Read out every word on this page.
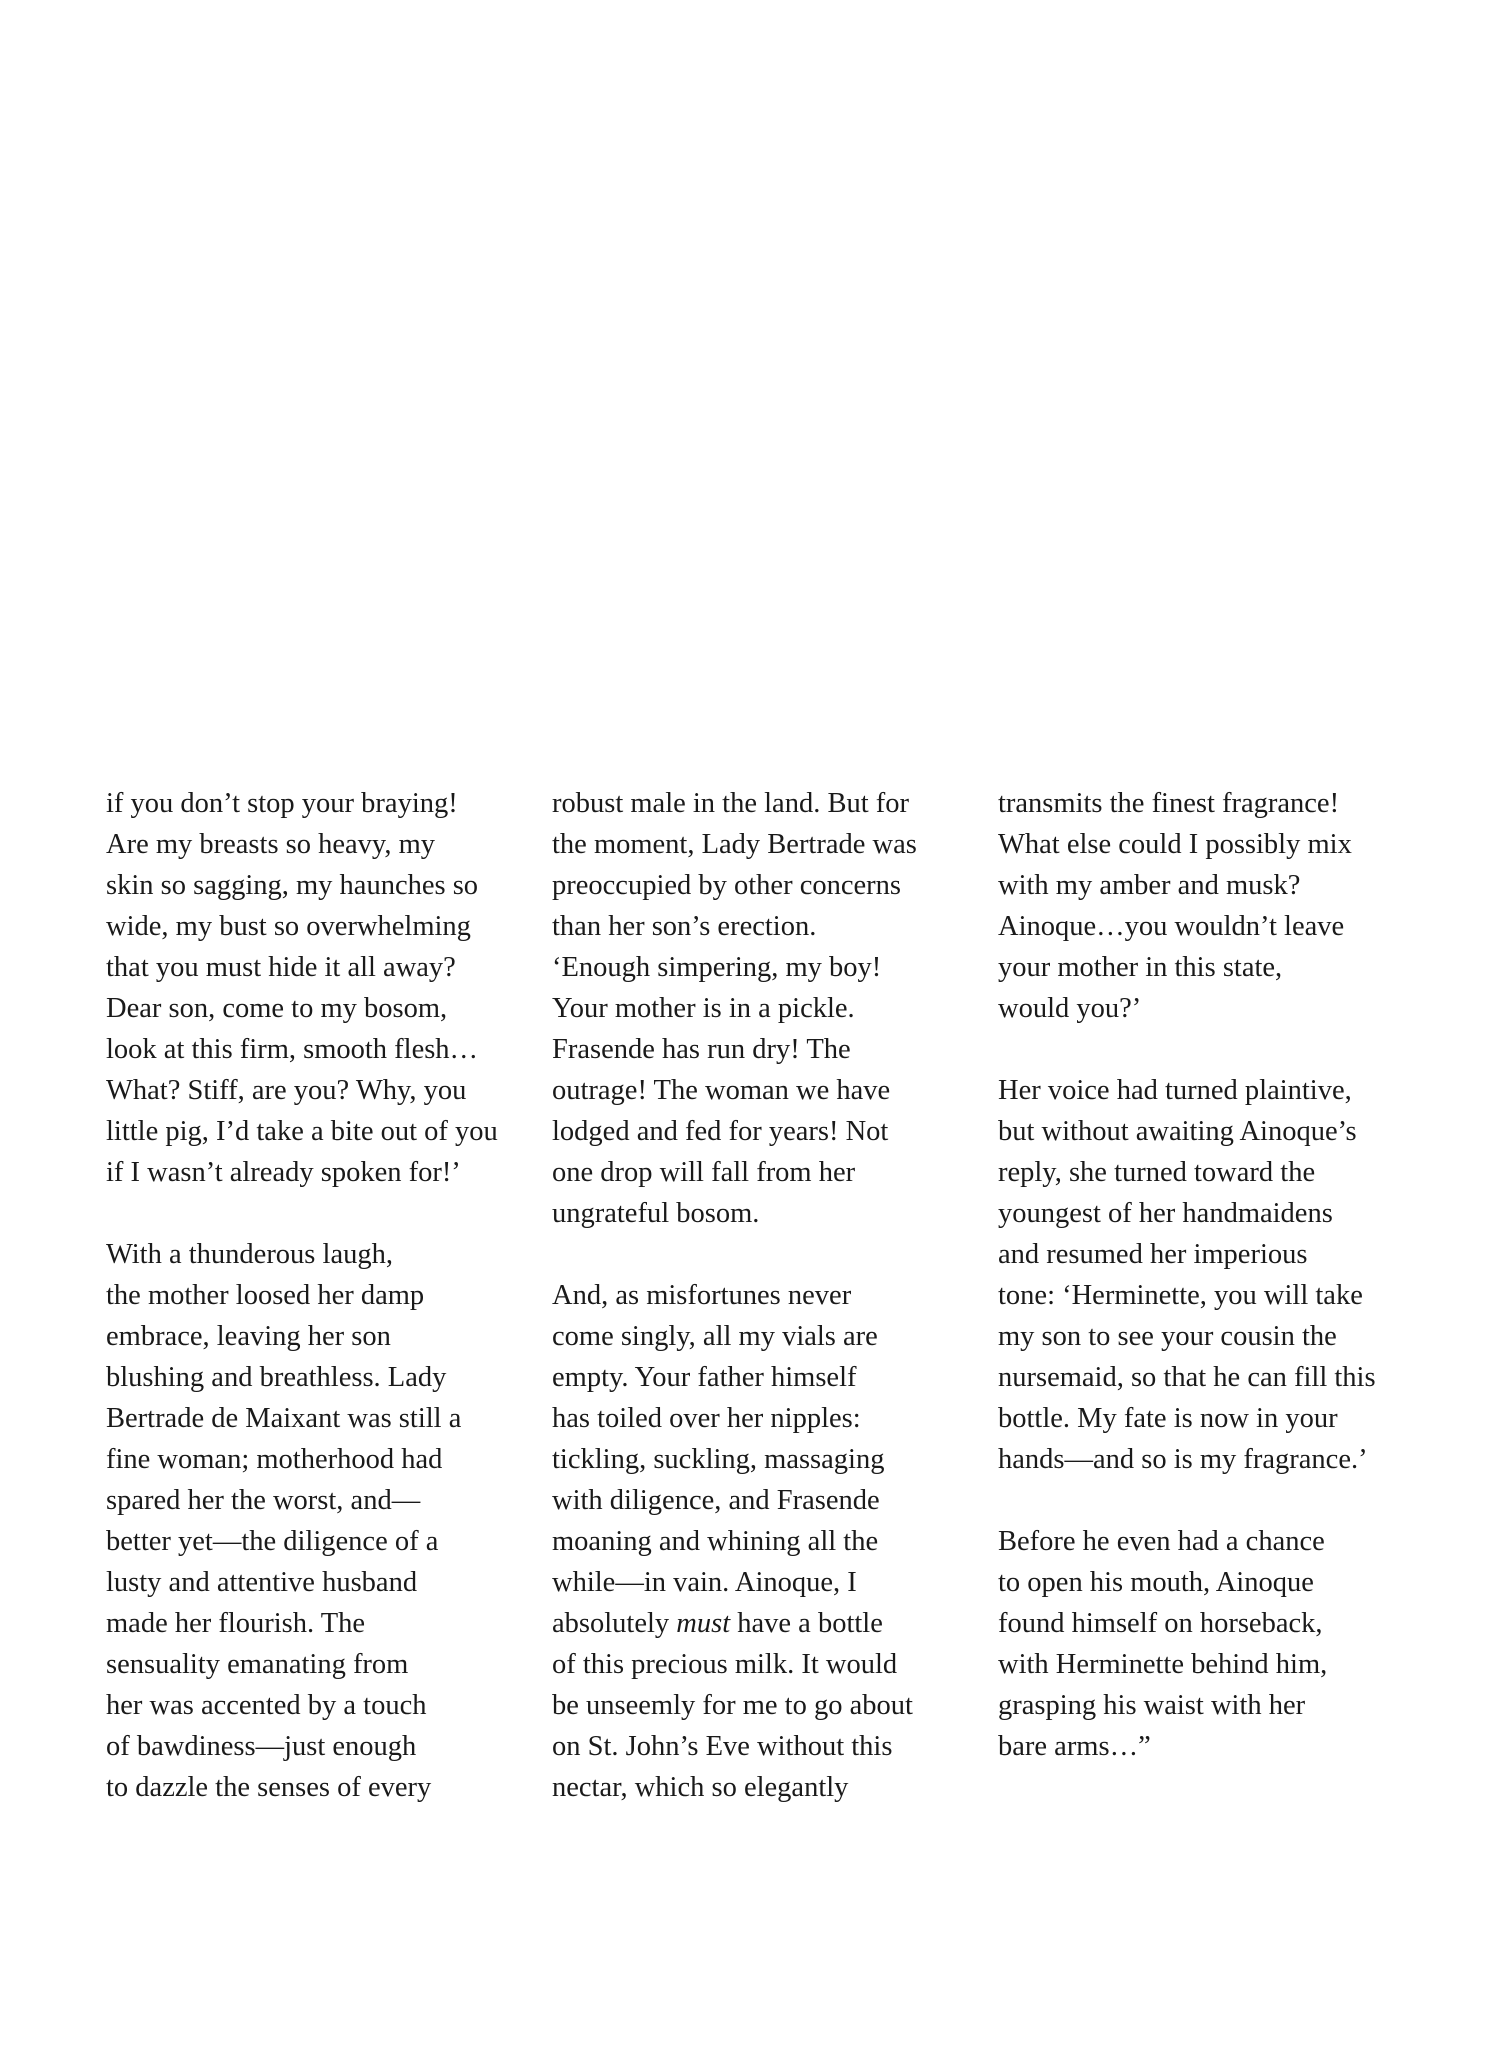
if you don’t stop your braying!
Are my breasts so heavy, my
skin so sagging, my haunches so
wide, my bust so overwhelming
that you must hide it all away?
Dear son, come to my bosom,
look at this firm, smooth flesh…
What? Stiff, are you? Why, you
little pig, I’d take a bite out of you
if I wasn’t already spoken for!’
With a thunderous laugh,
the mother loosed her damp
embrace, leaving her son
blushing and breathless. Lady
Bertrade de Maixant was still a
fine woman; motherhood had
spared her the worst, and—
better yet—the diligence of a
lusty and attentive husband
made her flourish. The
sensuality emanating from
her was accented by a touch
of bawdiness—just enough
to dazzle the senses of every
robust male in the land. But for
the moment, Lady Bertrade was
preoccupied by other concerns
than her son’s erection.
‘Enough simpering, my boy!
Your mother is in a pickle.
Frasende has run dry! The
outrage! The woman we have
lodged and fed for years! Not
one drop will fall from her
ungrateful bosom.
And, as misfortunes never
come singly, all my vials are
empty. Your father himself
has toiled over her nipples:
tickling, suckling, massaging
with diligence, and Frasende
moaning and whining all the
while—in vain. Ainoque, I
absolutely must have a bottle
of this precious milk. It would
be unseemly for me to go about
on St. John’s Eve without this
nectar, which so elegantly
transmits the finest fragrance!
What else could I possibly mix
with my amber and musk?
Ainoque…you wouldn’t leave
your mother in this state,
would you?’
Her voice had turned plaintive,
but without awaiting Ainoque’s
reply, she turned toward the
youngest of her handmaidens
and resumed her imperious
tone: ‘Herminette, you will take
my son to see your cousin the
nursemaid, so that he can fill this
bottle. My fate is now in your
hands—and so is my fragrance.’
Before he even had a chance
to open his mouth, Ainoque
found himself on horseback,
with Herminette behind him,
grasping his waist with her
bare arms…”
